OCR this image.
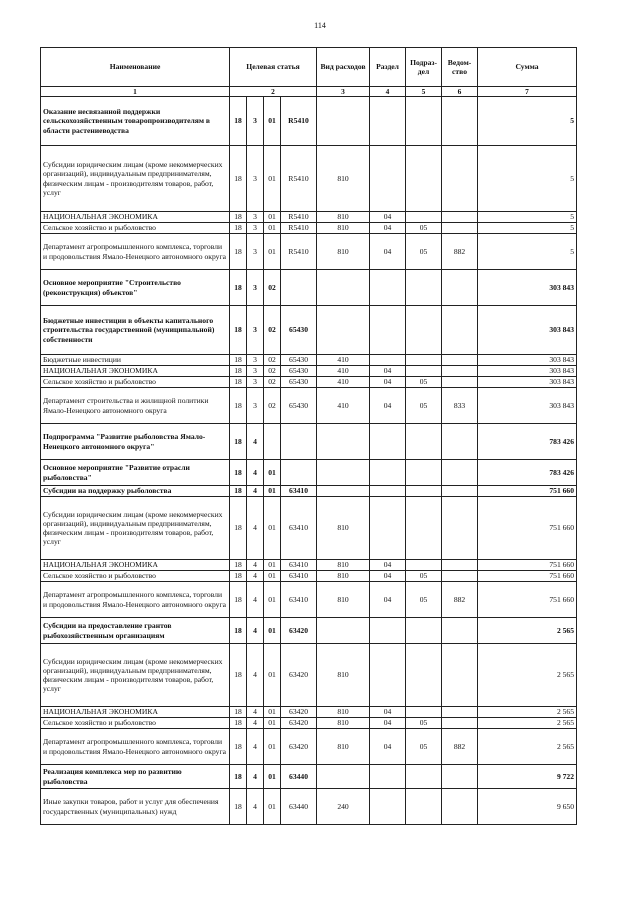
114
Наименование	Целевая статья				Вид расходов	Раздел	Подраз-дел	Ведом-ство	Сумма
1	2				3	4	5	6	7
Оказание несвязанной поддержки сельскохозяйственным товаропроизводителям в области растениеводства	18	3	01	R5410					5
Субсидии юридическим лицам (кроме некоммерческих организаций), индивидуальным предпринимателям, физическим лицам - производителям товаров, работ, услуг	18	3	01	R5410	810				5
НАЦИОНАЛЬНАЯ ЭКОНОМИКА	18	3	01	R5410	810	04			5
Сельское хозяйство и рыболовство	18	3	01	R5410	810	04	05		5
Департамент агропромышленного комплекса, торговли и продовольствия Ямало-Ненецкого автономного округа	18	3	01	R5410	810	04	05	882	5
Основное мероприятие "Строительство (реконструкция) объектов"	18	3	02						303 843
Бюджетные инвестиции в объекты капитального строительства государственной (муниципальной) собственности	18	3	02	65430					303 843
Бюджетные инвестиции	18	3	02	65430	410				303 843
НАЦИОНАЛЬНАЯ ЭКОНОМИКА	18	3	02	65430	410	04			303 843
Сельское хозяйство и рыболовство	18	3	02	65430	410	04	05		303 843
Департамент строительства и жилищной политики Ямало-Ненецкого автономного округа	18	3	02	65430	410	04	05	833	303 843
Подпрограмма "Развитие рыболовства Ямало-Ненецкого автономного округа"	18	4							783 426
Основное мероприятие "Развитие отрасли рыболовства"	18	4	01						783 426
Субсидии на поддержку рыболовства	18	4	01	63410					751 660
Субсидии юридическим лицам (кроме некоммерческих организаций), индивидуальным предпринимателям, физическим лицам - производителям товаров, работ, услуг	18	4	01	63410	810				751 660
НАЦИОНАЛЬНАЯ ЭКОНОМИКА	18	4	01	63410	810	04			751 660
Сельское хозяйство и рыболовство	18	4	01	63410	810	04	05		751 660
Департамент агропромышленного комплекса, торговли и продовольствия Ямало-Ненецкого автономного округа	18	4	01	63410	810	04	05	882	751 660
Субсидии на предоставление грантов рыбохозяйственным организациям	18	4	01	63420					2 565
Субсидии юридическим лицам (кроме некоммерческих организаций), индивидуальным предпринимателям, физическим лицам - производителям товаров, работ, услуг	18	4	01	63420	810				2 565
НАЦИОНАЛЬНАЯ ЭКОНОМИКА	18	4	01	63420	810	04			2 565
Сельское хозяйство и рыболовство	18	4	01	63420	810	04	05		2 565
Департамент агропромышленного комплекса, торговли и продовольствия Ямало-Ненецкого автономного округа	18	4	01	63420	810	04	05	882	2 565
Реализация комплекса мер по развитию рыболовства	18	4	01	63440					9 722
Иные закупки товаров, работ и услуг для обеспечения государственных (муниципальных) нужд	18	4	01	63440	240				9 650
